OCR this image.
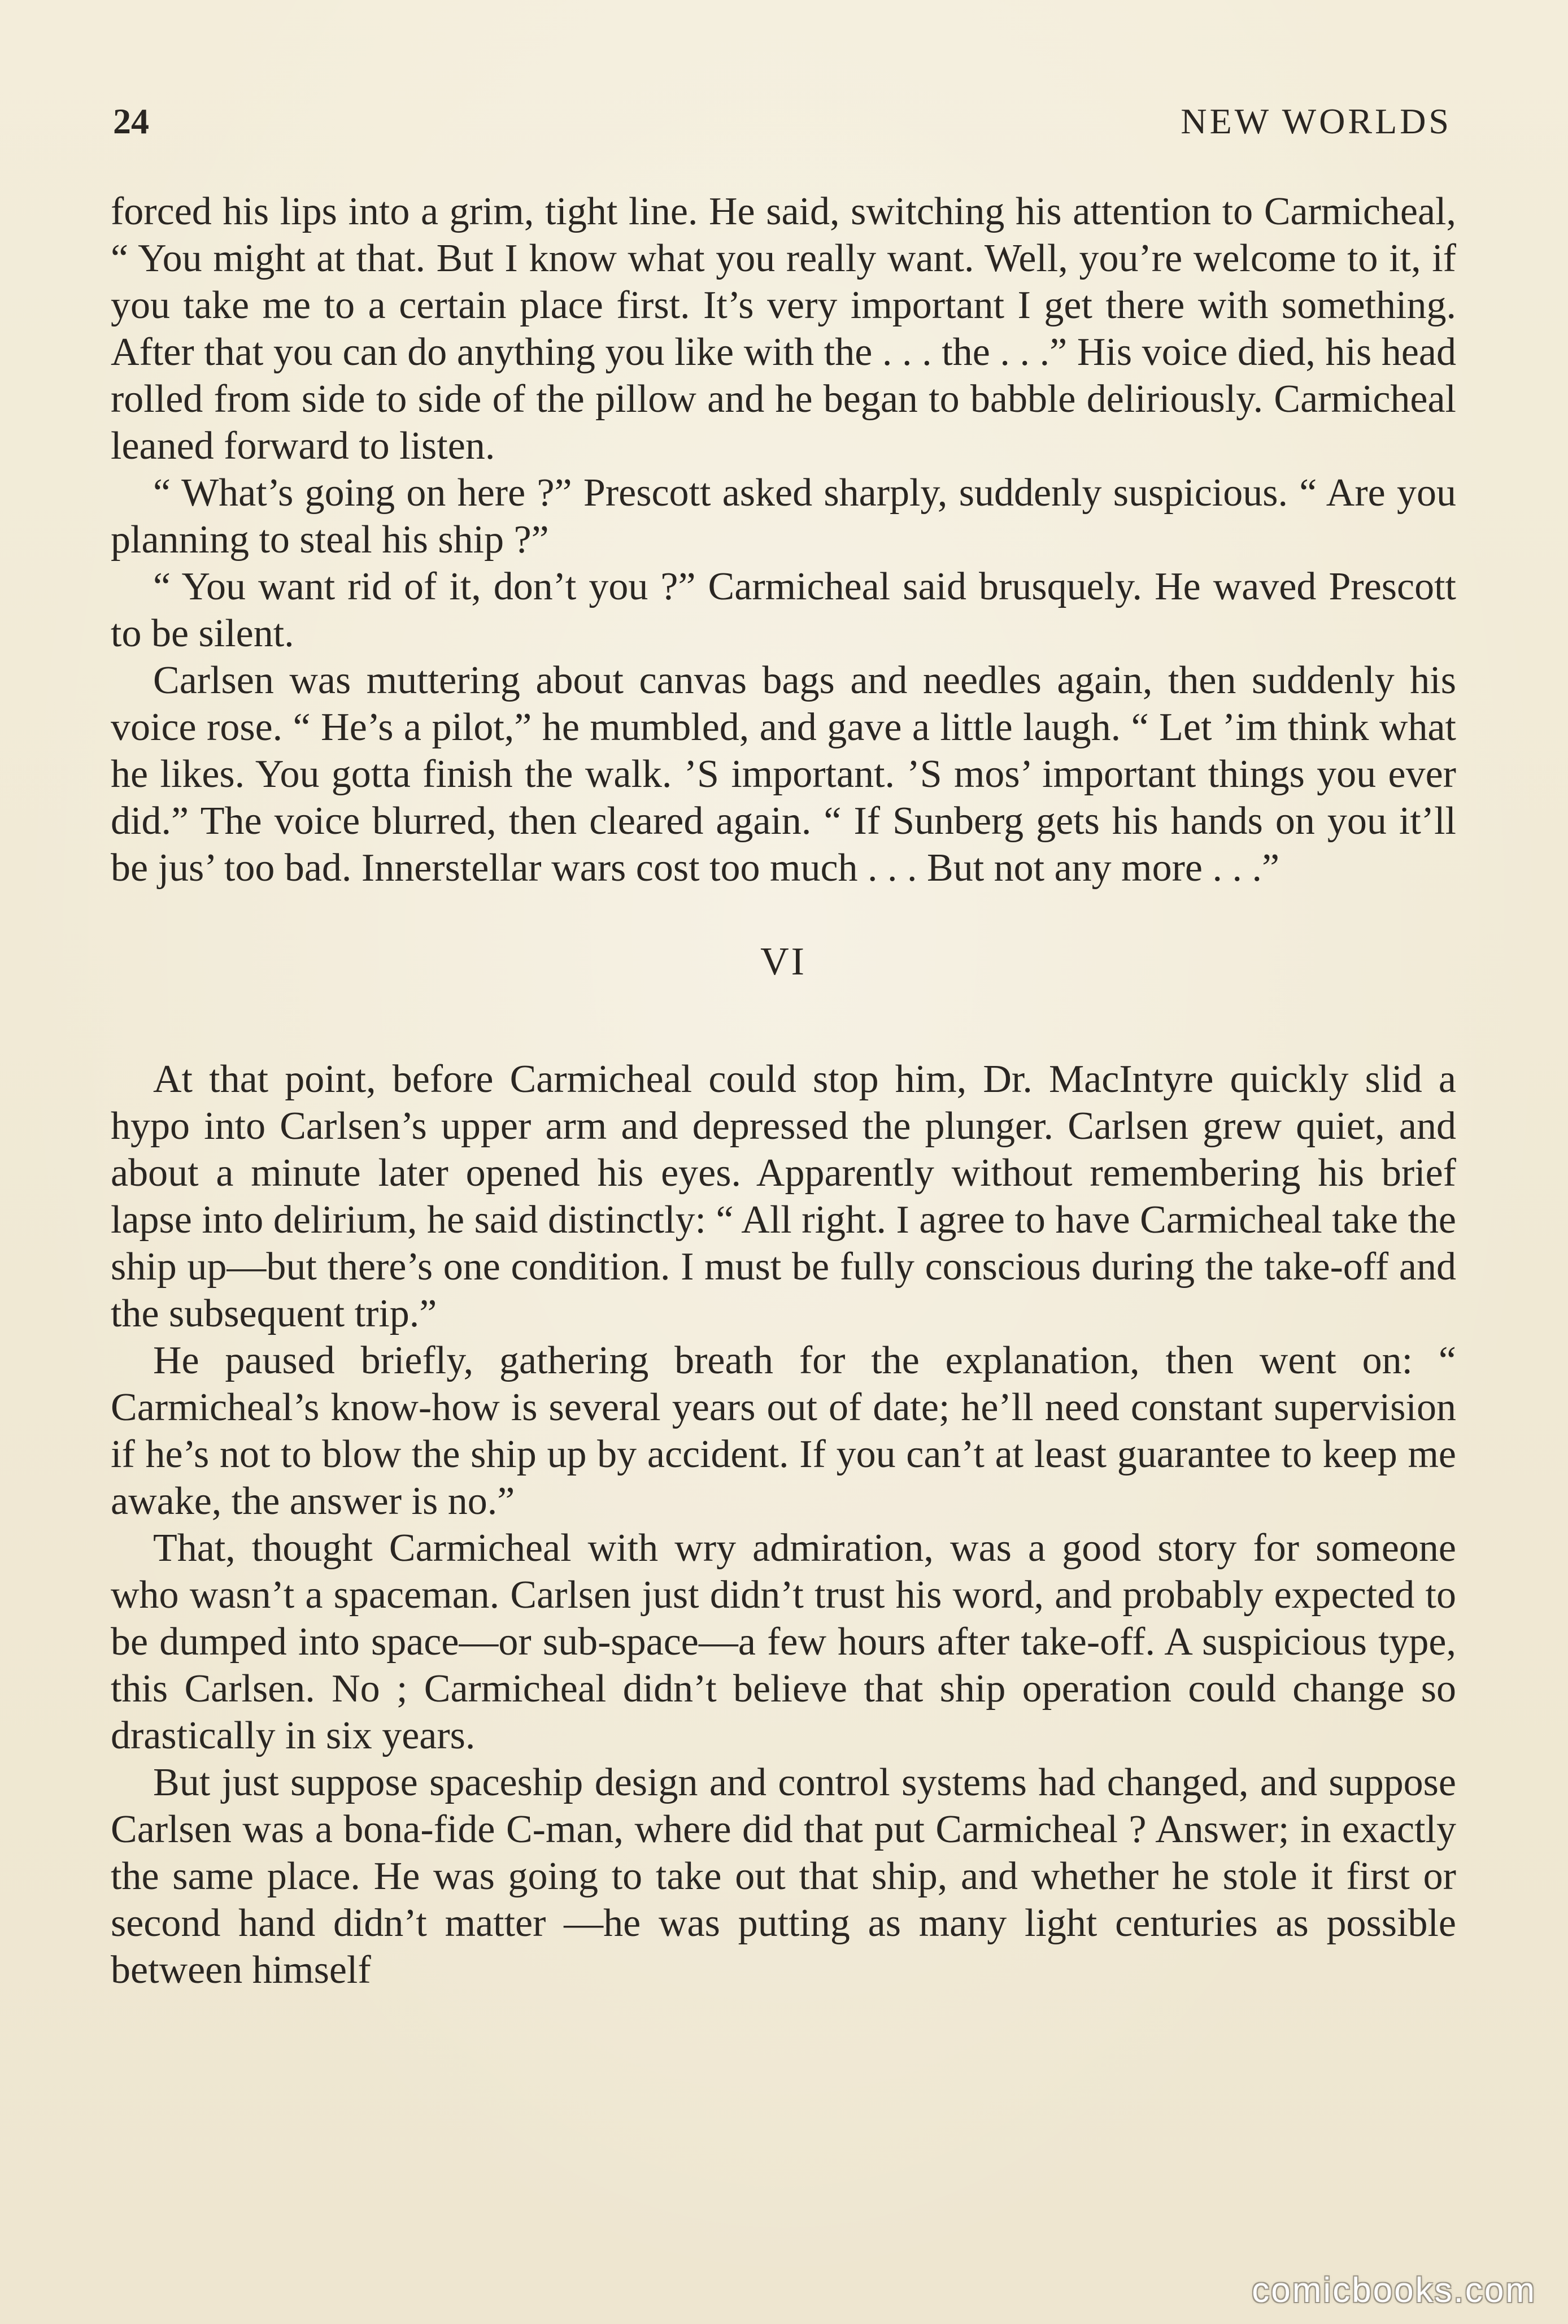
24	NEW WORLDS

forced his lips into a grim, tight line. He said, switching his attention to Carmicheal, “ You might at that. But I know what you really want. Well, you’re welcome to it, if you take me to a certain place first. It’s very important I get there with something. After that you can do anything you like with the . . . the . . .” His voice died, his head rolled from side to side of the pillow and he began to babble deliriously. Carmicheal leaned forward to listen.

“ What’s going on here ?” Prescott asked sharply, suddenly suspicious. “ Are you planning to steal his ship ?”

“ You want rid of it, don’t you ?” Carmicheal said brusquely. He waved Prescott to be silent.

Carlsen was muttering about canvas bags and needles again, then suddenly his voice rose. “ He’s a pilot,” he mumbled, and gave a little laugh. “ Let ’im think what he likes. You gotta finish the walk. ’S important. ’S mos’ important things you ever did.” The voice blurred, then cleared again. “ If Sunberg gets his hands on you it’ll be jus’ too bad. Innerstellar wars cost too much . . . But not any more . . .”

VI

At that point, before Carmicheal could stop him, Dr. MacIntyre quickly slid a hypo into Carlsen’s upper arm and depressed the plunger. Carlsen grew quiet, and about a minute later opened his eyes. Apparently without remembering his brief lapse into delirium, he said distinctly: “ All right. I agree to have Carmicheal take the ship up—but there’s one condition. I must be fully conscious during the take-off and the subsequent trip.”

He paused briefly, gathering breath for the explanation, then went on: “ Carmicheal’s know-how is several years out of date; he’ll need constant supervision if he’s not to blow the ship up by accident. If you can’t at least guarantee to keep me awake, the answer is no.”

That, thought Carmicheal with wry admiration, was a good story for someone who wasn’t a spaceman. Carlsen just didn’t trust his word, and probably expected to be dumped into space—or sub-space—a few hours after take-off. A suspicious type, this Carlsen. No ; Carmicheal didn’t believe that ship operation could change so drastically in six years.

But just suppose spaceship design and control systems had changed, and suppose Carlsen was a bona-fide C-man, where did that put Carmicheal ? Answer; in exactly the same place. He was going to take out that ship, and whether he stole it first or second hand didn’t matter —he was putting as many light centuries as possible between himself

comicbooks.com
